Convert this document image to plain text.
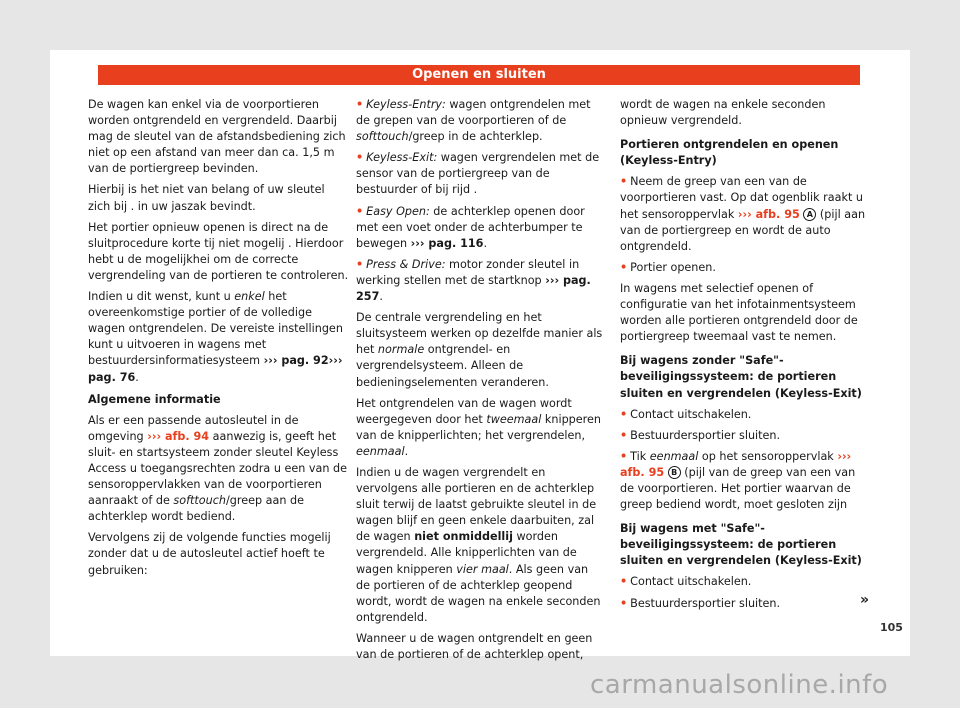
Openen en sluiten

De wagen kan enkel via de voorportieren worden ontgrendeld en vergrendeld. Daarbij mag de sleutel van de afstandsbediening zich niet op een afstand van meer dan ca. 1,5 m van de portiergreep bevinden.

Hierbij is het niet van belang of uw sleutel zich bij . in uw jaszak bevindt.

Het portier opnieuw openen is direct na de sluitprocedure korte tij niet mogelij . Hierdoor hebt u de mogelijkhei om de correcte vergrendeling van de portieren te controleren.

Indien u dit wenst, kunt u enkel het overeenkomstige portier of de volledige wagen ontgrendelen. De vereiste instellingen kunt u uitvoeren in wagens met bestuurdersinformatiesysteem ››› pag. 92››› pag. 76.

Algemene informatie

Als er een passende autosleutel in de omgeving ››› afb. 94 aanwezig is, geeft het sluit- en startsysteem zonder sleutel Keyless Access u toegangsrechten zodra u een van de sensoroppervlakken van de voorportieren aanraakt of de softtouch/greep aan de achterklep wordt bediend.

Vervolgens zij de volgende functies mogelij zonder dat u de autosleutel actief hoeft te gebruiken:

• Keyless-Entry: wagen ontgrendelen met de grepen van de voorportieren of de softtouch/greep in de achterklep.

• Keyless-Exit: wagen vergrendelen met de sensor van de portiergreep van de bestuurder of bij rijd .

• Easy Open: de achterklep openen door met een voet onder de achterbumper te bewegen ››› pag. 116.

• Press & Drive: motor zonder sleutel in werking stellen met de startknop ››› pag. 257.

De centrale vergrendeling en het sluitsysteem werken op dezelfde manier als het normale ontgrendel- en vergrendelsysteem. Alleen de bedieningselementen veranderen.

Het ontgrendelen van de wagen wordt weergegeven door het tweemaal knipperen van de knipperlichten; het vergrendelen, eenmaal.

Indien u de wagen vergrendelt en vervolgens alle portieren en de achterklep sluit terwij de laatst gebruikte sleutel in de wagen blijf en geen enkele daarbuiten, zal de wagen niet onmiddellij worden vergrendeld. Alle knipperlichten van de wagen knipperen vier maal. Als geen van de portieren of de achterklep geopend wordt, wordt de wagen na enkele seconden ontgrendeld.

Wanneer u de wagen ontgrendelt en geen van de portieren of de achterklep opent,

wordt de wagen na enkele seconden opnieuw vergrendeld.

Portieren ontgrendelen en openen (Keyless-Entry)

• Neem de greep van een van de voorportieren vast. Op dat ogenblik raakt u het sensoroppervlak ››› afb. 95 A (pijl aan van de portiergreep en wordt de auto ontgrendeld.

• Portier openen.

In wagens met selectief openen of configuratie van het infotainmentsysteem worden alle portieren ontgrendeld door de portiergreep tweemaal vast te nemen.

Bij wagens zonder "Safe"-beveiligingssysteem: de portieren sluiten en vergrendelen (Keyless-Exit)

• Contact uitschakelen.

• Bestuurdersportier sluiten.

• Tik eenmaal op het sensoroppervlak ››› afb. 95 B (pijl van de greep van een van de voorportieren. Het portier waarvan de greep bediend wordt, moet gesloten zijn

Bij wagens met "Safe"-beveiligingssysteem: de portieren sluiten en vergrendelen (Keyless-Exit)

• Contact uitschakelen.

• Bestuurdersportier sluiten.	»
105
carmanualsonline.info
